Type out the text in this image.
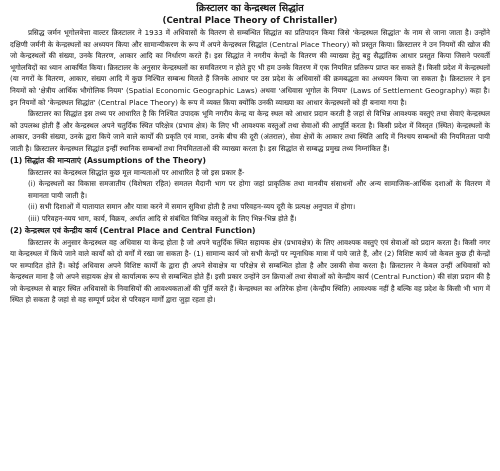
क्रिस्टालर का केन्द्रस्थल सिद्धांत

(Central Place Theory of Christaller)

प्रसिद्ध जर्मन भूगोलवेत्ता वाल्टर क्रिस्टालर ने 1933 में अधिवासों के वितरण से सम्बन्धित सिद्धांत का प्रतिपादन किया जिसे 'केन्द्रस्थल सिद्धांत' के नाम से जाना जाता है। उन्होंने दक्षिणी जर्मनी के केन्द्रस्थलों का अध्ययन किया और सामान्यीकरण के रूप में अपने केन्द्रस्थल सिद्धांत (Central Place Theory) को प्रस्तुत किया। क्रिस्टालर ने उन नियमों की खोज की जो केन्द्रस्थलों की संख्या, उनके वितरण, आकार आदि का निर्धारण करते हैं। इस सिद्धांत ने नगरीय केन्द्रों के वितरण की व्याख्या हेतु बहु सैद्धांतिक आधार प्रस्तुत किया जिसने परवर्ती भूगोलविदों का ध्यान आकर्षित किया। क्रिस्टालर के अनुसार केन्द्रस्थलों का समवितरण न होते हुए भी हम उनके वितरण में एक नियमित प्रतिरूप प्राप्त कर सकते हैं। किसी प्रदेश में केन्द्रस्थलों (या नगरों के वितरण, आकार, संख्या आदि में कुछ निश्चित सम्बन्ध मिलते हैं जिनके आधार पर उस प्रदेश के अधिवासों की क्रमबद्धता का अध्ययन किया जा सकता है। क्रिस्टालर ने इन नियमों को 'क्षेत्रीय आर्थिक भौगोलिक नियम' (Spatial Economic Geographic Laws) अथवा 'अधिवास भूगोल के नियम' (Laws of Settlement Geography) कहा है। इन नियमों को 'केन्द्रस्थल सिद्धांत' (Central Place Theory) के रूप में व्यक्त किया क्योंकि उनकी व्याख्या का आधार केन्द्रस्थलों को ही बनाया गया है।

क्रिस्टालर का सिद्धांत इस तथ्य पर आधारित है कि निश्चित उपादक भूमि नगरीय केन्द्र या केन्द्र स्थल को आधार प्रदान करती है जहां से विभिन्न आवश्यक वस्तुएं तथा सेवाएं केन्द्रस्थल को उपलब्ध होती हैं और केन्द्रस्थल अपने चतुर्दिक स्थित परिक्षेत्र (प्रभाव क्षेत्र) के लिए भी आवश्यक वस्तुओं तथा सेवाओं की आपूर्ति करता है। किसी प्रदेश में विस्तृत (स्थित) केन्द्रस्थलों के आकार, उनकी संख्या, उनके द्वारा किये जाने वाले कार्यों की प्रकृति एवं मात्रा, उनके बीच की दूरी (अंतराल), सेवा क्षेत्रों के आकार तथा स्थिति आदि में निश्चय सम्बन्धों की नियमितता पायी जाती है। क्रिस्टालर केन्द्रस्थल सिद्धांत इन्हीं स्थानिक सम्बन्धों तथा नियमितताओं की व्याख्या करता है। इस सिद्धांत से सम्बद्ध प्रमुख तथ्य निम्नांकित हैं।

(1) सिद्धांत की मान्यताएं (Assumptions of the Theory)

क्रिस्टालर का केन्द्रस्थल सिद्धांत कुछ मूल मान्यताओं पर आधारित है जो इस प्रकार हैं-

(i) केन्द्रस्थलों का विकास समजातीय (विशेषता रहित) समतल मैदानी भाग पर होगा जहां प्राकृतिक तथा मानवीय संसाधनों और अन्य सामाजिक-आर्थिक दशाओं के वितरण में समानता पायी जाती है।

(ii) सभी दिशाओं में यातायात समान और यात्रा करने में समान सुविधा होती है तथा परिवहन-व्यय दूरी के प्रत्यक्ष अनुपात में होगा।

(iii) परिवहन-व्यय भाग, कार्य, विक्रय, अर्थात आदि से संबंधित विभिन्न वस्तुओं के लिए भिन्न-भिन्न होते हैं।

(2) केन्द्रस्थल एवं केन्द्रीय कार्य (Central Place and Central Function)

क्रिस्टालर के अनुसार केन्द्रस्थल वह अधिवास या केन्द्र होता है जो अपने चतुर्दिक स्थित सहायक क्षेत्र (प्रभावक्षेत्र) के लिए आवश्यक वस्तुएं एवं सेवाओं को प्रदान करता है। किसी नगर या केन्द्रस्थल में किये जाने वाले कार्यों को दो वर्गों में रखा जा सकता है- (1) सामान्य कार्य जो सभी केन्द्रों पर न्यूनाधिक मात्रा में पाये जाते हैं, और (2) विशिष्ट कार्य जो केवल कुछ ही केन्द्रों पर सम्पादित होते हैं। कोई अधिवास अपने विशिष्ट कार्यों के द्वारा ही अपने सेवाक्षेत्र या परिक्षेत्र से सम्बन्धित होता है और उसकी सेवा करता है। क्रिस्टालर ने केवल उन्हीं अधिवासों को केन्द्रस्थल माना है जो अपने सहायक क्षेत्र से कार्यात्मक रूप से सम्बन्धित होते हैं। इसी प्रकार उन्होंने उन क्रियाओं तथा सेवाओं को केन्द्रीय कार्य (Central Function) की संज्ञा प्रदान की है जो केन्द्रस्थल से बाहर स्थित अधिवासों के निवासियों की आवश्यकताओं की पूर्ति करते हैं। केन्द्रस्थल का अतिरेक होना (केन्द्रीय स्थिति) आवश्यक नहीं है बल्कि वह प्रदेश के किसी भी भाग में स्थित हो सकता है जहां से वह सम्पूर्ण प्रदेश से परिवहन मार्गों द्वारा जुड़ा रहता हो।
